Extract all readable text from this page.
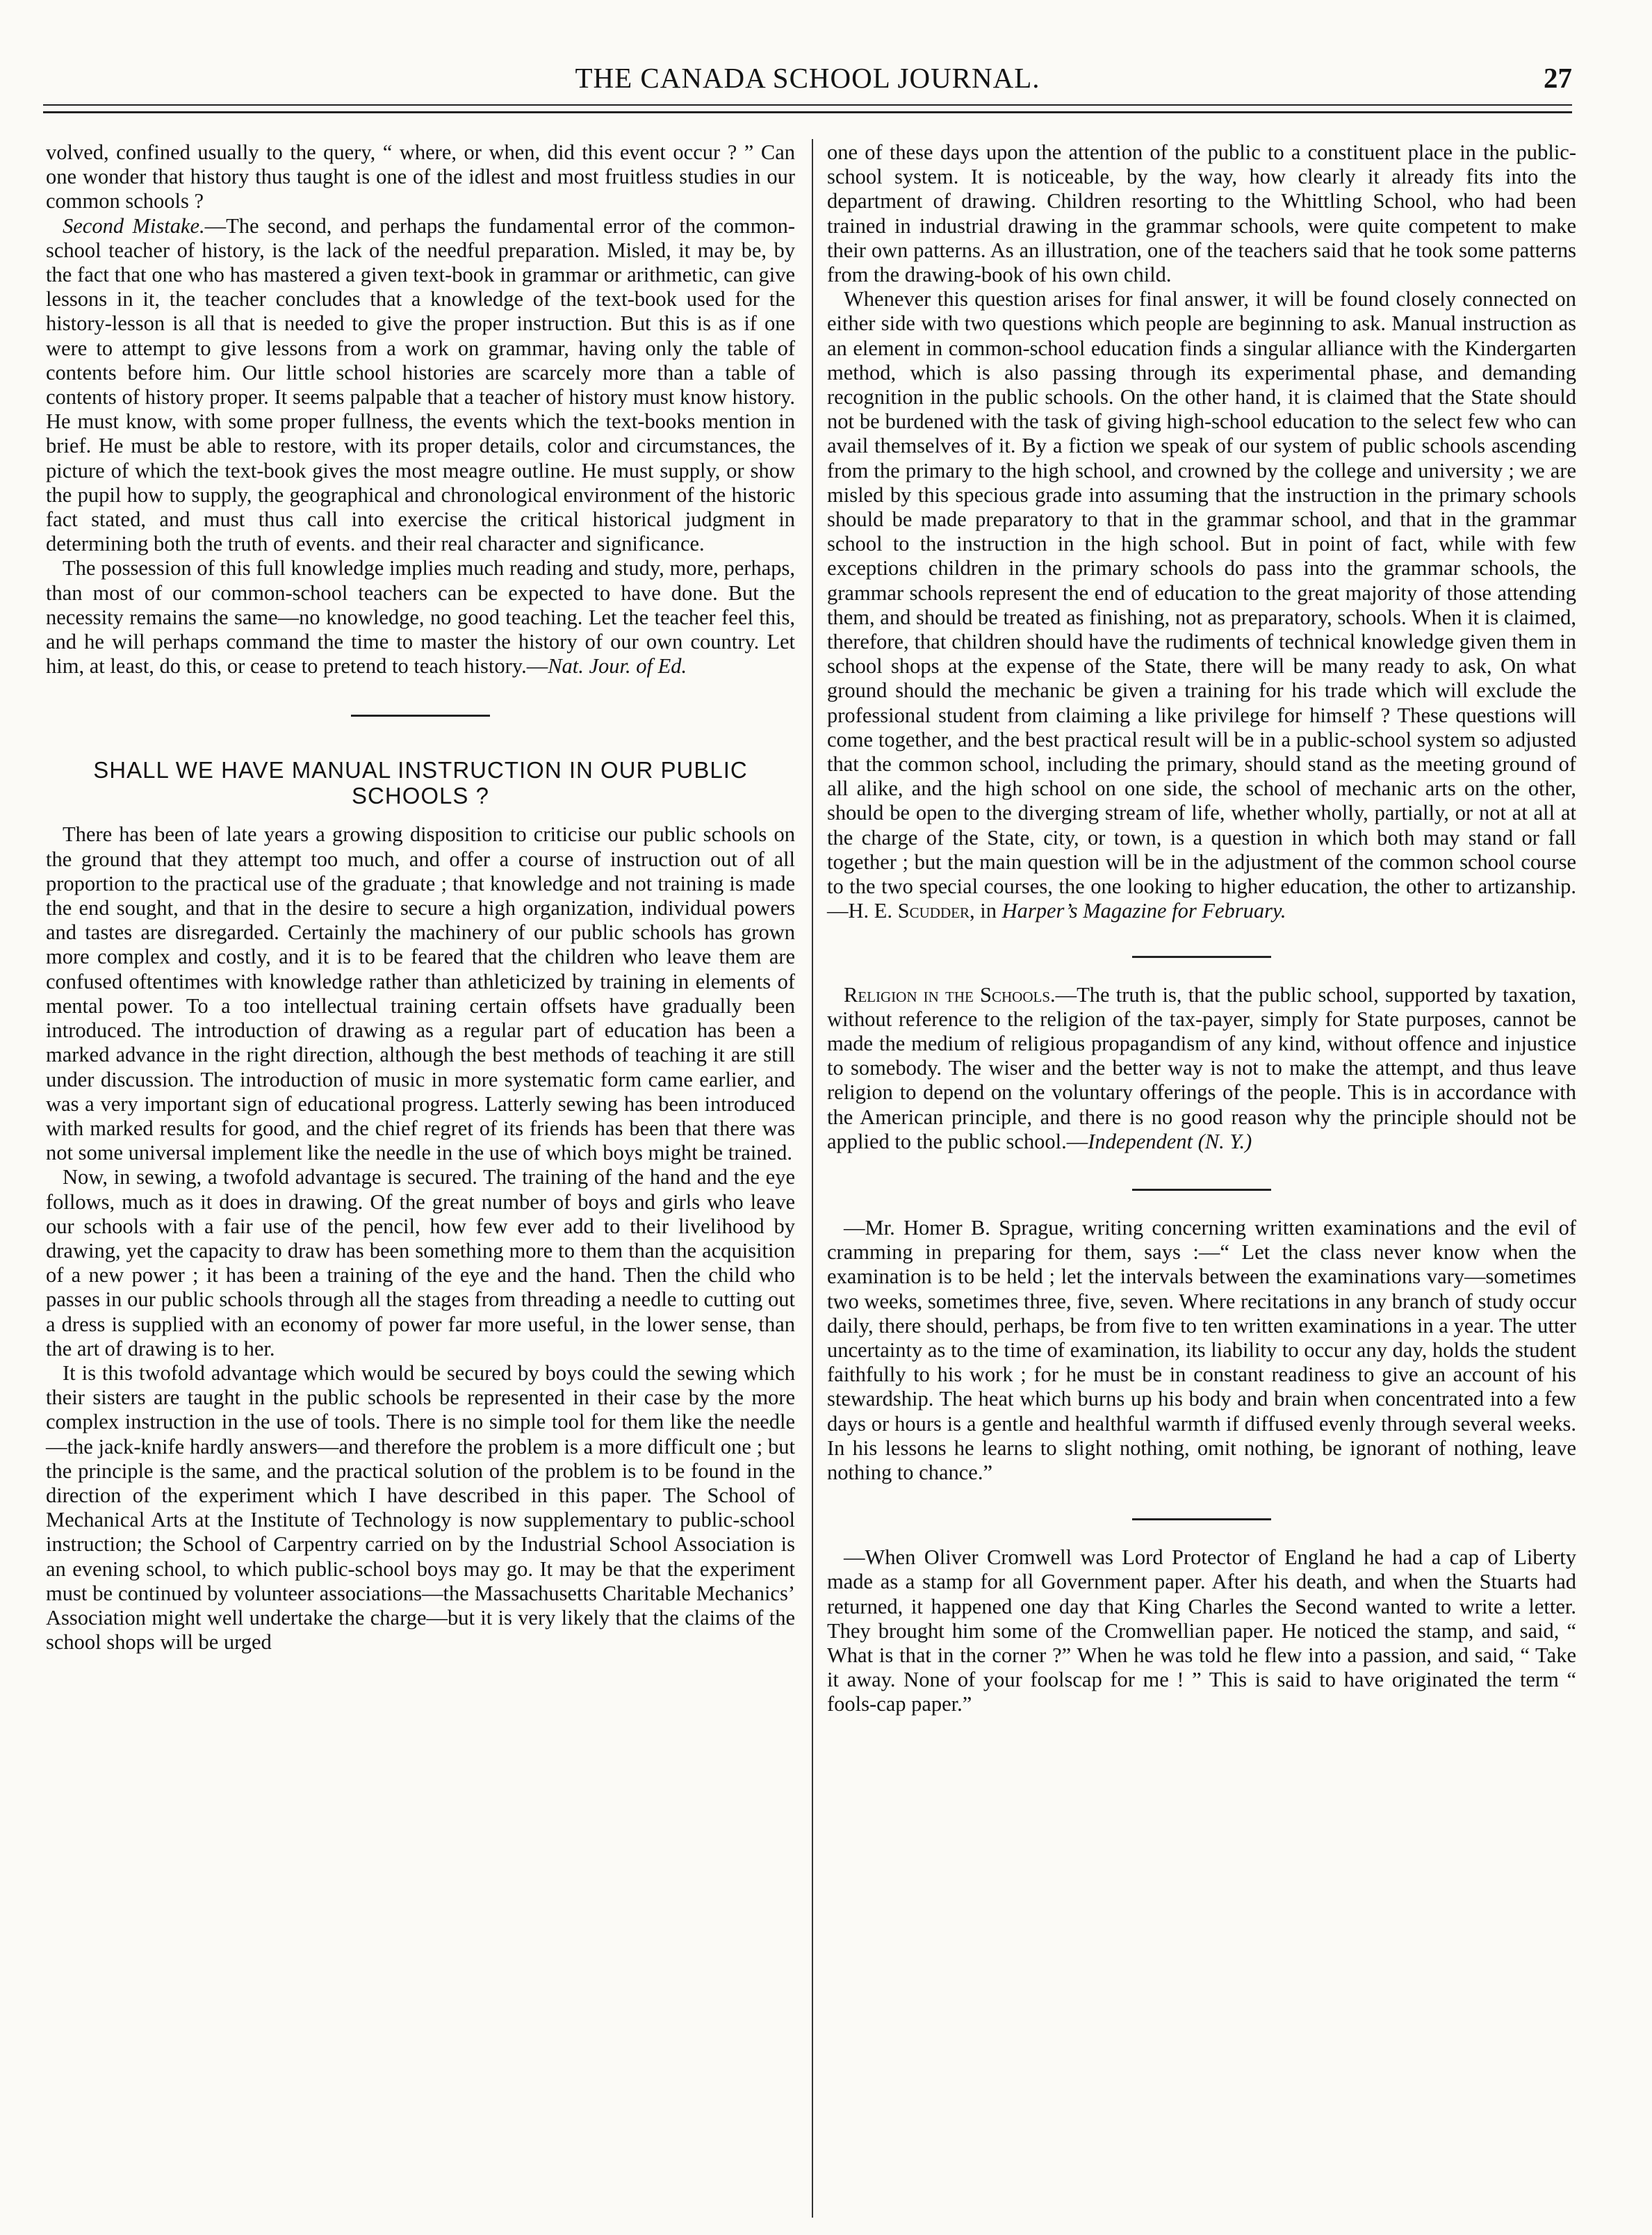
THE CANADA SCHOOL JOURNAL.	27

volved, confined usually to the query, “ where, or when, did this event occur ? ” Can one wonder that history thus taught is one of the idlest and most fruitless studies in our common schools ?

Second Mistake.—The second, and perhaps the fundamental error of the common-school teacher of history, is the lack of the needful preparation. Misled, it may be, by the fact that one who has mastered a given text-book in grammar or arithmetic, can give lessons in it, the teacher concludes that a knowledge of the text-book used for the history-lesson is all that is needed to give the proper instruction. But this is as if one were to attempt to give lessons from a work on grammar, having only the table of contents before him. Our little school histories are scarcely more than a table of contents of history proper. It seems palpable that a teacher of history must know history. He must know, with some proper fullness, the events which the text-books mention in brief. He must be able to restore, with its proper details, color and circumstances, the picture of which the text-book gives the most meagre outline. He must supply, or show the pupil how to supply, the geographical and chronological environment of the historic fact stated, and must thus call into exercise the critical historical judgment in determining both the truth of events. and their real character and significance.

The possession of this full knowledge implies much reading and study, more, perhaps, than most of our common-school teachers can be expected to have done. But the necessity remains the same—no knowledge, no good teaching. Let the teacher feel this, and he will perhaps command the time to master the history of our own country. Let him, at least, do this, or cease to pretend to teach history.—Nat. Jour. of Ed.

SHALL WE HAVE MANUAL INSTRUCTION IN OUR PUBLIC SCHOOLS ?

There has been of late years a growing disposition to criticise our public schools on the ground that they attempt too much, and offer a course of instruction out of all proportion to the practical use of the graduate ; that knowledge and not training is made the end sought, and that in the desire to secure a high organization, individual powers and tastes are disregarded. Certainly the machinery of our public schools has grown more complex and costly, and it is to be feared that the children who leave them are confused oftentimes with knowledge rather than athleticized by training in elements of mental power. To a too intellectual training certain offsets have gradually been introduced. The introduction of drawing as a regular part of education has been a marked advance in the right direction, although the best methods of teaching it are still under discussion. The introduction of music in more systematic form came earlier, and was a very important sign of educational progress. Latterly sewing has been introduced with marked results for good, and the chief regret of its friends has been that there was not some universal implement like the needle in the use of which boys might be trained.

Now, in sewing, a twofold advantage is secured. The training of the hand and the eye follows, much as it does in drawing. Of the great number of boys and girls who leave our schools with a fair use of the pencil, how few ever add to their livelihood by drawing, yet the capacity to draw has been something more to them than the acquisition of a new power ; it has been a training of the eye and the hand. Then the child who passes in our public schools through all the stages from threading a needle to cutting out a dress is supplied with an economy of power far more useful, in the lower sense, than the art of drawing is to her.

It is this twofold advantage which would be secured by boys could the sewing which their sisters are taught in the public schools be represented in their case by the more complex instruction in the use of tools. There is no simple tool for them like the needle—the jack-knife hardly answers—and therefore the problem is a more difficult one ; but the principle is the same, and the practical solution of the problem is to be found in the direction of the experiment which I have described in this paper. The School of Mechanical Arts at the Institute of Technology is now supplementary to public-school instruction; the School of Carpentry carried on by the Industrial School Association is an evening school, to which public-school boys may go. It may be that the experiment must be continued by volunteer associations—the Massachusetts Charitable Mechanics’ Association might well undertake the charge—but it is very likely that the claims of the school shops will be urged

one of these days upon the attention of the public to a constituent place in the public-school system. It is noticeable, by the way, how clearly it already fits into the department of drawing. Children resorting to the Whittling School, who had been trained in industrial drawing in the grammar schools, were quite competent to make their own patterns. As an illustration, one of the teachers said that he took some patterns from the drawing-book of his own child.

Whenever this question arises for final answer, it will be found closely connected on either side with two questions which people are beginning to ask. Manual instruction as an element in common-school education finds a singular alliance with the Kindergarten method, which is also passing through its experimental phase, and demanding recognition in the public schools. On the other hand, it is claimed that the State should not be burdened with the task of giving high-school education to the select few who can avail themselves of it. By a fiction we speak of our system of public schools ascending from the primary to the high school, and crowned by the college and university ; we are misled by this specious grade into assuming that the instruction in the primary schools should be made preparatory to that in the grammar school, and that in the grammar school to the instruction in the high school. But in point of fact, while with few exceptions children in the primary schools do pass into the grammar schools, the grammar schools represent the end of education to the great majority of those attending them, and should be treated as finishing, not as preparatory, schools. When it is claimed, therefore, that children should have the rudiments of technical knowledge given them in school shops at the expense of the State, there will be many ready to ask, On what ground should the mechanic be given a training for his trade which will exclude the professional student from claiming a like privilege for himself ? These questions will come together, and the best practical result will be in a public-school system so adjusted that the common school, including the primary, should stand as the meeting ground of all alike, and the high school on one side, the school of mechanic arts on the other, should be open to the diverging stream of life, whether wholly, partially, or not at all at the charge of the State, city, or town, is a question in which both may stand or fall together ; but the main question will be in the adjustment of the common school course to the two special courses, the one looking to higher education, the other to artizanship.—H. E. Scudder, in Harper’s Magazine for February.

Religion in the Schools.—The truth is, that the public school, supported by taxation, without reference to the religion of the tax-payer, simply for State purposes, cannot be made the medium of religious propagandism of any kind, without offence and injustice to somebody. The wiser and the better way is not to make the attempt, and thus leave religion to depend on the voluntary offerings of the people. This is in accordance with the American principle, and there is no good reason why the principle should not be applied to the public school.—Independent (N. Y.)

—Mr. Homer B. Sprague, writing concerning written examinations and the evil of cramming in preparing for them, says :—“ Let the class never know when the examination is to be held ; let the intervals between the examinations vary—sometimes two weeks, sometimes three, five, seven. Where recitations in any branch of study occur daily, there should, perhaps, be from five to ten written examinations in a year. The utter uncertainty as to the time of examination, its liability to occur any day, holds the student faithfully to his work ; for he must be in constant readiness to give an account of his stewardship. The heat which burns up his body and brain when concentrated into a few days or hours is a gentle and healthful warmth if diffused evenly through several weeks. In his lessons he learns to slight nothing, omit nothing, be ignorant of nothing, leave nothing to chance.”

—When Oliver Cromwell was Lord Protector of England he had a cap of Liberty made as a stamp for all Government paper. After his death, and when the Stuarts had returned, it happened one day that King Charles the Second wanted to write a letter. They brought him some of the Cromwellian paper. He noticed the stamp, and said, “ What is that in the corner ?” When he was told he flew into a passion, and said, “ Take it away. None of your foolscap for me ! ” This is said to have originated the term “ fools-cap paper.”
